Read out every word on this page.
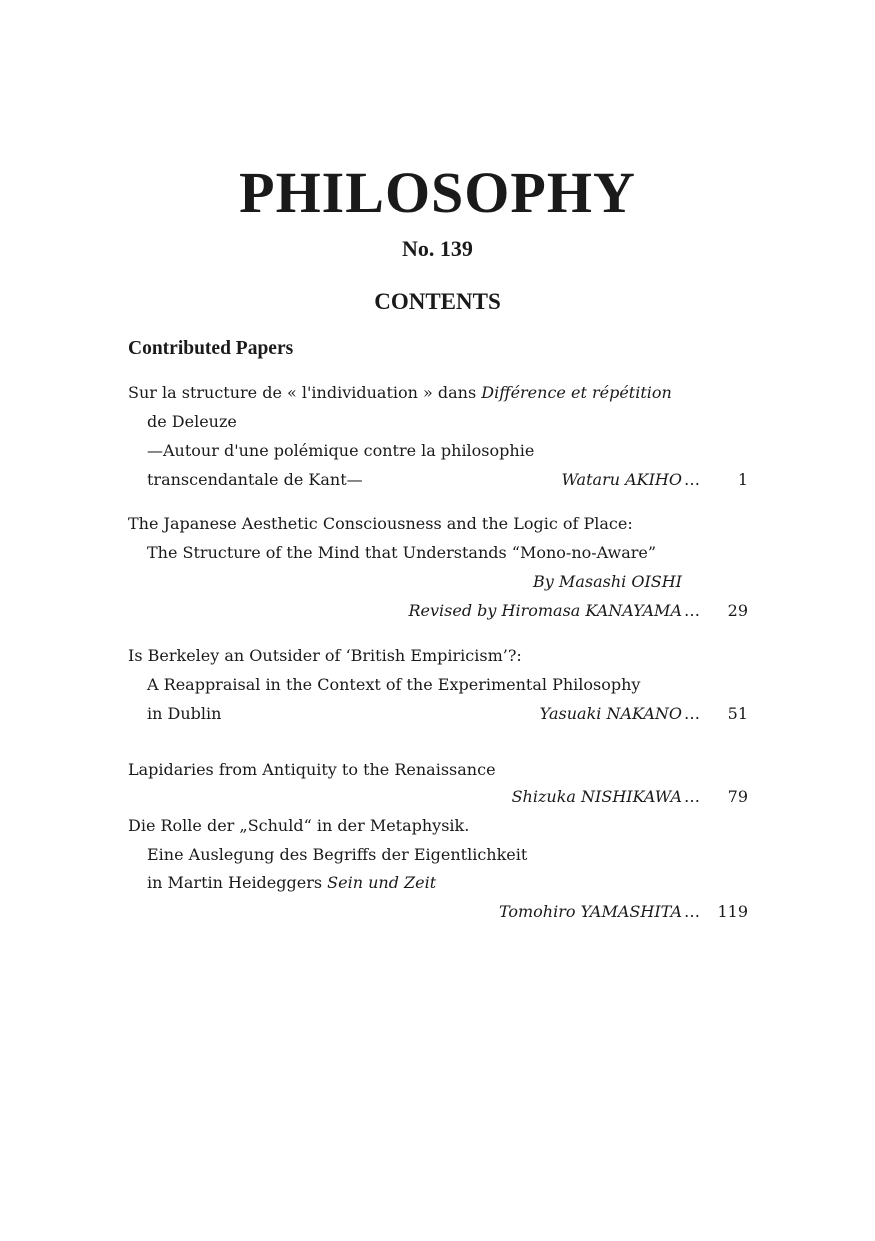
PHILOSOPHY
No. 139
CONTENTS
Contributed Papers
Sur la structure de « l'individuation » dans Différence et répétition
de Deleuze
—Autour d'une polémique contre la philosophie
transcendantale de Kant—	Wataru AKIHO …	1
The Japanese Aesthetic Consciousness and the Logic of Place:
The Structure of the Mind that Understands “Mono-no-Aware”
By Masashi OISHI
Revised by Hiromasa KANAYAMA …	29
Is Berkeley an Outsider of ‘British Empiricism’?:
A Reappraisal in the Context of the Experimental Philosophy
in Dublin	Yasuaki NAKANO …	51
Lapidaries from Antiquity to the Renaissance
Shizuka NISHIKAWA …	79
Die Rolle der „Schuld“ in der Metaphysik.
Eine Auslegung des Begriffs der Eigentlichkeit
in Martin Heideggers Sein und Zeit
Tomohiro YAMASHITA …	119
